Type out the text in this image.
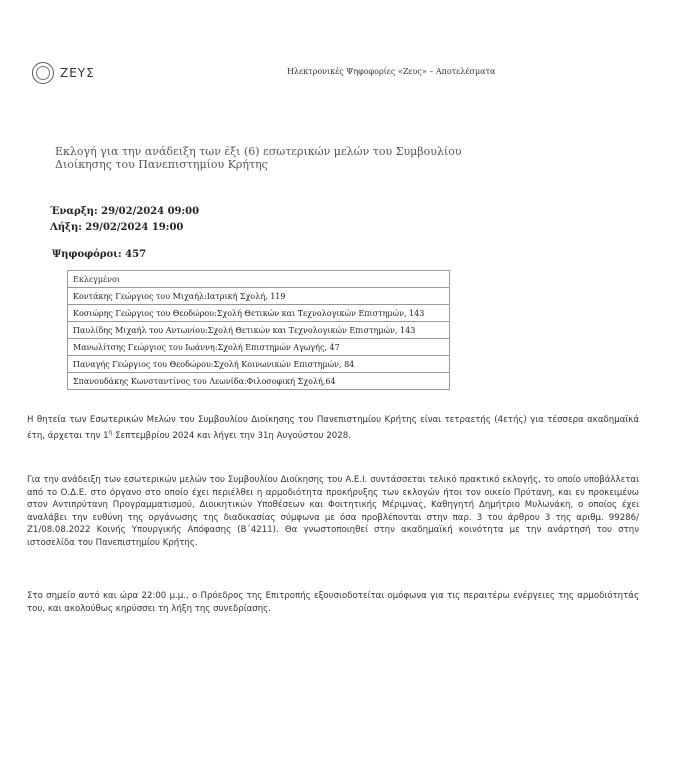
ΖΕΥΣ	Ηλεκτρονικές Ψηφοφορίες «Ζευς» – Αποτελέσματα
Εκλογή για την ανάδειξη των έξι (6) εσωτερικών μελών του Συμβουλίου
Διοίκησης του Πανεπιστημίου Κρήτης
Έναρξη: 29/02/2024 09:00
Λήξη: 29/02/2024 19:00
Ψηφοφόροι: 457
Εκλεγμένοι
Κοντάκης Γεώργιος του Μιχαήλ:Ιατρική Σχολή, 119
Κοσιώρης Γεώργιος του Θεοδώρου:Σχολή Θετικών και Τεχνολογικών Επιστημών, 143
Παυλίδης Μιχαήλ του Αντωνίου:Σχολή Θετικών και Τεχνολογικών Επιστημών, 143
Μανωλίτσης Γεώργιος του Ιωάννη:Σχολή Επιστημών Αγωγής, 47
Παναγής Γεώργιος του Θεοδώρου:Σχολή Κοινωνικών Επιστημών, 84
Σπανουδάκης Κωνσταντίνος του Λεωνίδα:Φιλοσοφική Σχολή,64
Η θητεία των Εσωτερικών Μελών του Συμβουλίου Διοίκησης του Πανεπιστημίου Κρήτης είναι τετραετής (4ετής) για τέσσερα ακαδημαϊκά έτη, άρχεται την $1^\eta$ Σεπτεμβρίου 2024 και λήγει την 31η Αυγούστου 2028.
Για την ανάδειξη των εσωτερικών μελών του Συμβουλίου Διοίκησης του Α.Ε.Ι. συντάσσεται τελικό πρακτικό εκλογής, το οποίο υποβάλλεται από το Ο.Δ.Ε. στο όργανο στο οποίο έχει περιέλθει η αρμοδιότητα προκήρυξης των εκλογών ήτοι τον οικείο Πρύτανη, και εν προκειμένω στον Αντιπρύτανη Προγραμματισμού, Διοικητικών Υποθέσεων και Φοιτητικής Μέριμνας, Καθηγητή Δημήτριο Μυλωνάκη, ο οποίος έχει αναλάβει την ευθύνη της οργάνωσης της διαδικασίας σύμφωνα με όσα προβλέπονται στην παρ. 3 του άρθρου 3 της αριθμ. 99286/Ζ1/08.08.2022 Κοινής Υπουργικής Απόφασης (Β΄4211). Θα γνωστοποιηθεί στην ακαδημαϊκή κοινότητα με την ανάρτησή του στην ιστοσελίδα του Πανεπιστημίου Κρήτης.
Στο σημείο αυτό και ώρα 22:00 μ.μ., ο Πρόεδρος της Επιτροπής εξουσιοδοτείται ομόφωνα για τις περαιτέρω ενέργειες της αρμοδιότητάς του, και ακολούθως κηρύσσει τη λήξη της συνεδρίασης.
